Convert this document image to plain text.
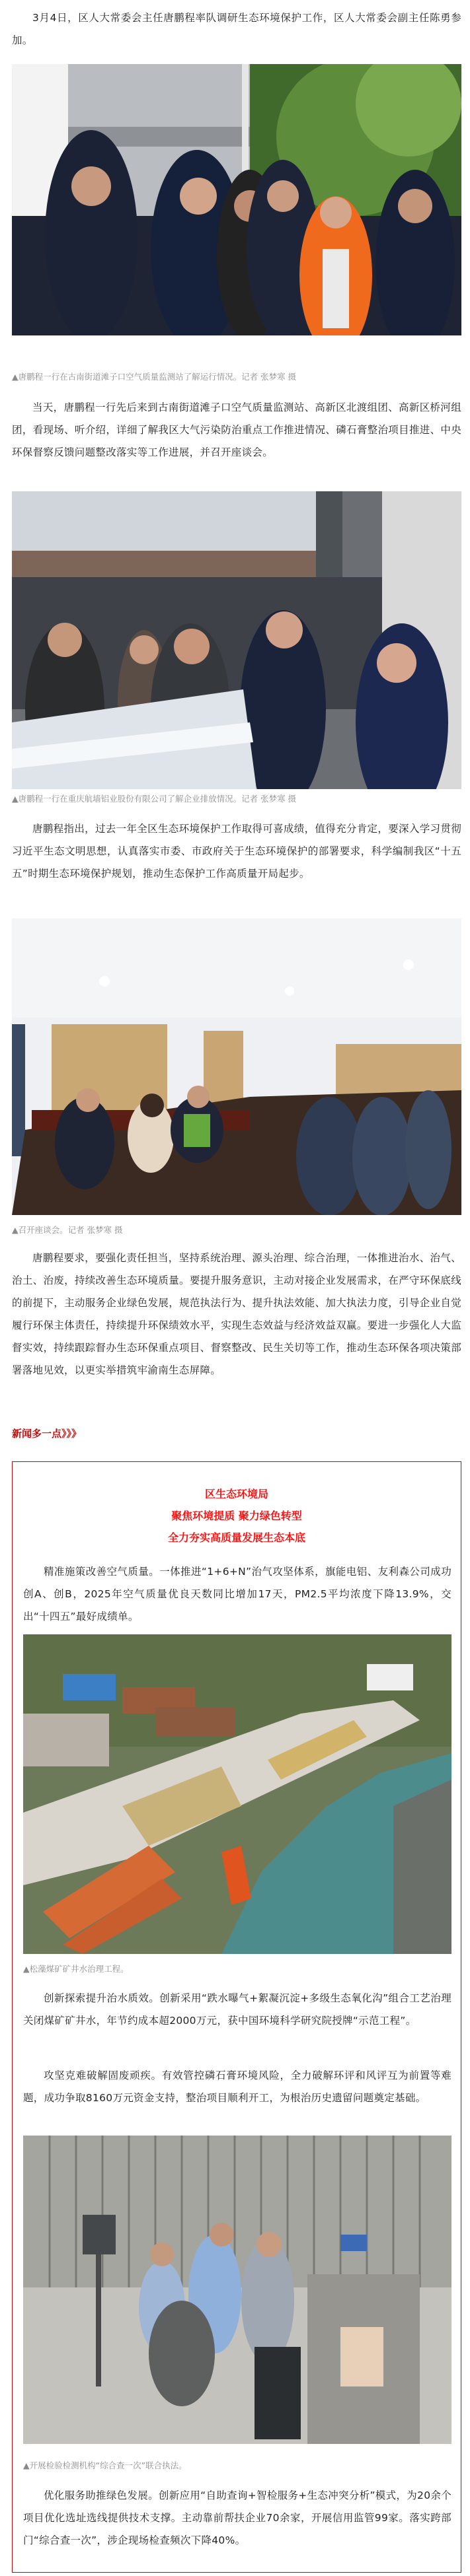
3月4日，区人大常委会主任唐鹏程率队调研生态环境保护工作，区人大常委会副主任陈勇参加。

▲唐鹏程一行在古南街道滩子口空气质量监测站了解运行情况。记者 张梦寒 摄

当天，唐鹏程一行先后来到古南街道滩子口空气质量监测站、高新区北渡组团、高新区桥河组团，看现场、听介绍，详细了解我区大气污染防治重点工作推进情况、磷石膏整治项目推进、中央环保督察反馈问题整改落实等工作进展，并召开座谈会。

▲唐鹏程一行在重庆航墙铝业股份有限公司了解企业排放情况。记者 张梦寒 摄

唐鹏程指出，过去一年全区生态环境保护工作取得可喜成绩，值得充分肯定，要深入学习贯彻习近平生态文明思想，认真落实市委、市政府关于生态环境保护的部署要求，科学编制我区“十五五”时期生态环境保护规划，推动生态保护工作高质量开局起步。

▲召开座谈会。记者 张梦寒 摄

唐鹏程要求，要强化责任担当，坚持系统治理、源头治理、综合治理，一体推进治水、治气、治土、治废，持续改善生态环境质量。要提升服务意识，主动对接企业发展需求，在严守环保底线的前提下，主动服务企业绿色发展，规范执法行为、提升执法效能、加大执法力度，引导企业自觉履行环保主体责任，持续提升环保绩效水平，实现生态效益与经济效益双赢。要进一步强化人大监督实效，持续跟踪督办生态环保重点项目、督察整改、民生关切等工作，推动生态环保各项决策部署落地见效，以更实举措筑牢渝南生态屏障。

新闻多一点》》》
区生态环境局
聚焦环境提质 聚力绿色转型
全力夯实高质量发展生态本底

精准施策改善空气质量。一体推进“1+6+N”治气攻坚体系，旗能电铝、友利森公司成功创A、创B，2025年空气质量优良天数同比增加17天，PM2.5平均浓度下降13.9%，交出“十四五”最好成绩单。

▲松藻煤矿矿井水治理工程。

创新探索提升治水质效。创新采用“跌水曝气+絮凝沉淀+多级生态氧化沟”组合工艺治理关闭煤矿矿井水，年节约成本超2000万元，获中国环境科学研究院授牌“示范工程”。

攻坚克难破解固废顽疾。有效管控磷石膏环境风险，全力破解环评和风评互为前置等难题，成功争取8160万元资金支持，整治项目顺利开工，为根治历史遗留问题奠定基础。

▲开展检验检测机构“综合查一次”联合执法。

优化服务助推绿色发展。创新应用“自助查询+智检服务+生态冲突分析”模式，为20余个项目优化选址选线提供技术支撑。主动靠前帮扶企业70余家，开展信用监管99家。落实跨部门“综合查一次”，涉企现场检查频次下降40%。
